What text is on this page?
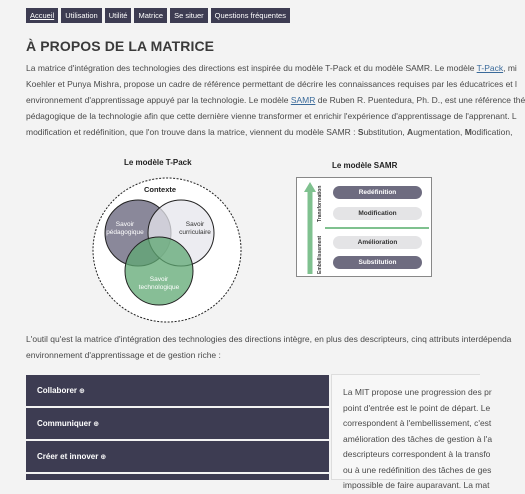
Accueil	Utilisation	Utilité	Matrice	Se situer	Questions fréquentes
À PROPOS DE LA MATRICE
La matrice d'intégration des technologies des directions est inspirée du modèle T-Pack et du modèle SAMR. Le modèle T-Pack, mi
Koehler et Punya Mishra, propose un cadre de référence permettant de décrire les connaissances requises par les éducatrices et l
environnement d'apprentissage appuyé par la technologie. Le modèle SAMR de Ruben R. Puentedura, Ph. D., est une référence thé
pédagogique de la technologie afin que cette dernière vienne transformer et enrichir l'expérience d'apprentissage de l'apprenant. L
modification et redéfinition, que l'on trouve dans la matrice, viennent du modèle SAMR : Substitution, Augmentation, Modification,
Le modèle T-Pack
Contexte
Savoir
pédagogique
Savoir
curriculaire
Savoir
technologique
Le modèle SAMR
Transformation
Embellissement
Redéfinition
Modification
Amélioration
Substitution
L'outil qu'est la matrice d'intégration des technologies des directions intègre, en plus des descripteurs, cinq attributs interdépenda
environnement d'apprentissage et de gestion riche :
Collaborer ⊕
Communiquer ⊕
Créer et innover ⊕
La MIT propose une progression des pr
point d'entrée est le point de départ. Le
correspondent à l'embellissement, c'est
amélioration des tâches de gestion à l'a
descripteurs correspondent à la transfo
ou à une redéfinition des tâches de ges
impossible de faire auparavant. La mat
